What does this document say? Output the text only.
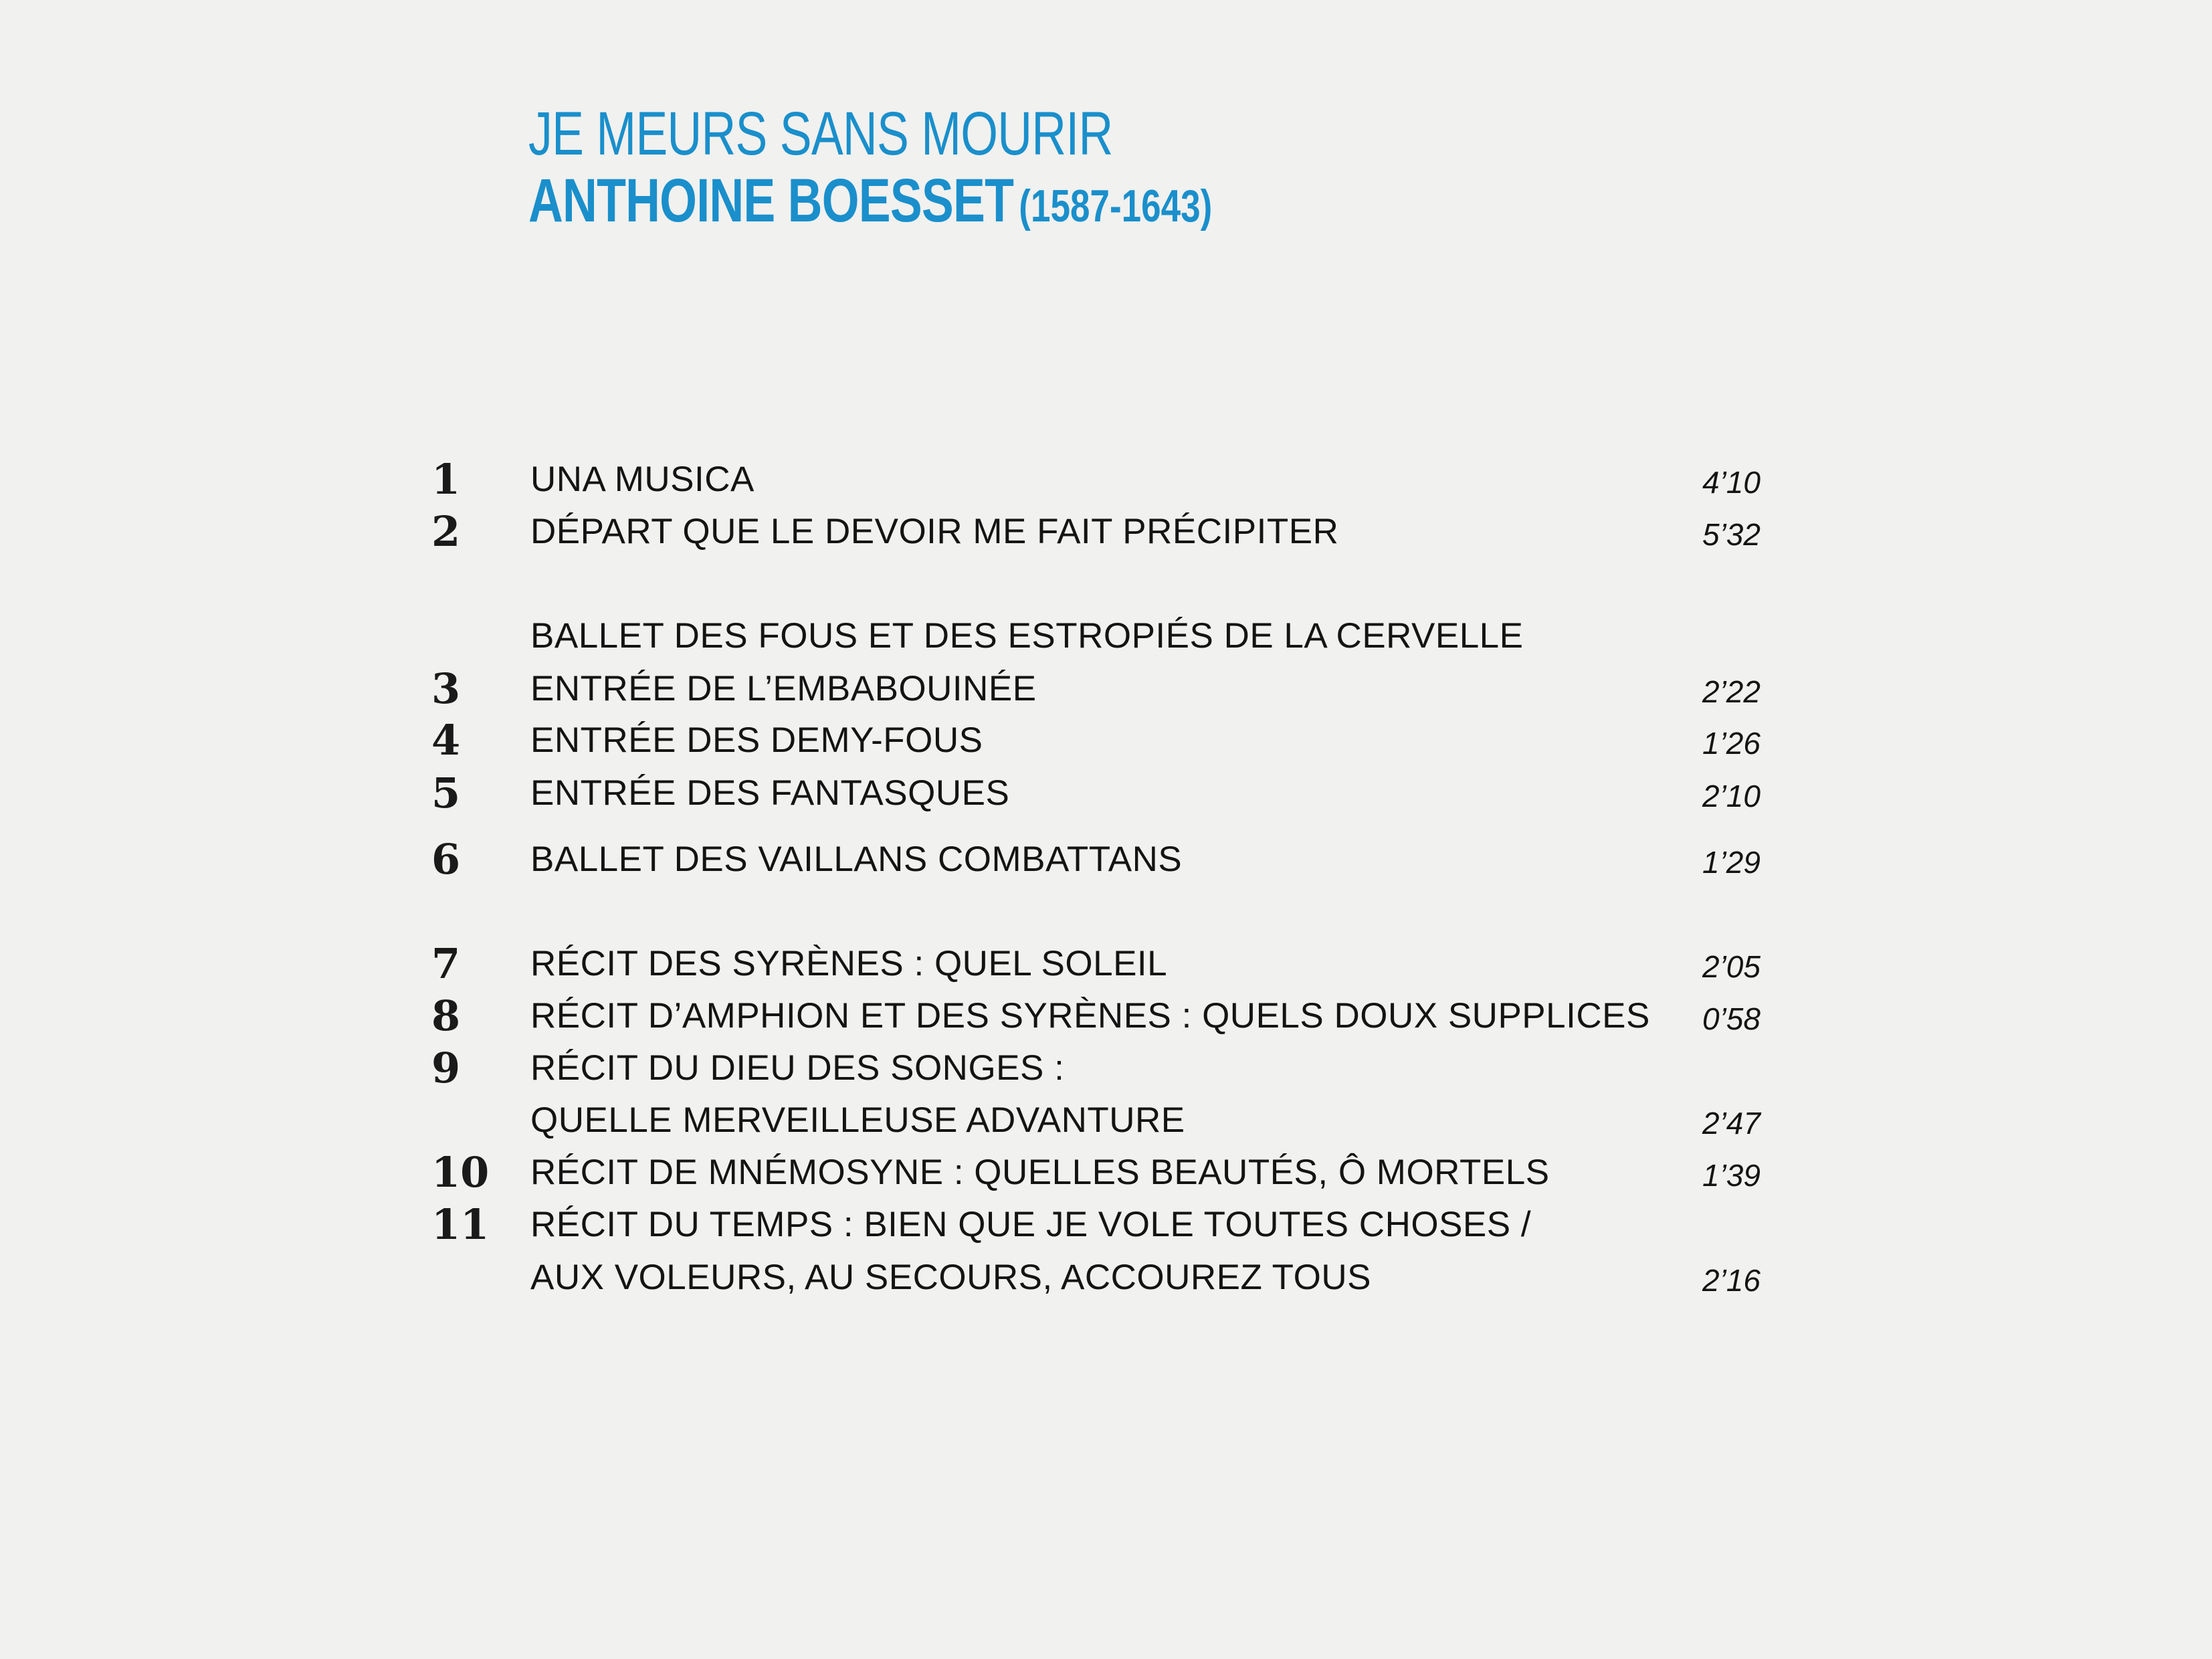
JE MEURS SANS MOURIR
ANTHOINE BOESSET (1587-1643)
1 UNA MUSICA	4’10
2 DÉPART QUE LE DEVOIR ME FAIT PRÉCIPITER	5’32
BALLET DES FOUS ET DES ESTROPIÉS DE LA CERVELLE
3 ENTRÉE DE L’EMBABOUINÉE	2’22
4 ENTRÉE DES DEMY-FOUS	1’26
5 ENTRÉE DES FANTASQUES	2’10
6 BALLET DES VAILLANS COMBATTANS	1’29
7 RÉCIT DES SYRÈNES : QUEL SOLEIL	2’05
8 RÉCIT D’AMPHION ET DES SYRÈNES : QUELS DOUX SUPPLICES 0’58
9 RÉCIT DU DIEU DES SONGES :
QUELLE MERVEILLEUSE ADVANTURE	2’47
10 RÉCIT DE MNÉMOSYNE : QUELLES BEAUTÉS, Ô MORTELS	1’39
11 RÉCIT DU TEMPS : BIEN QUE JE VOLE TOUTES CHOSES /
AUX VOLEURS, AU SECOURS, ACCOUREZ TOUS	2’16
